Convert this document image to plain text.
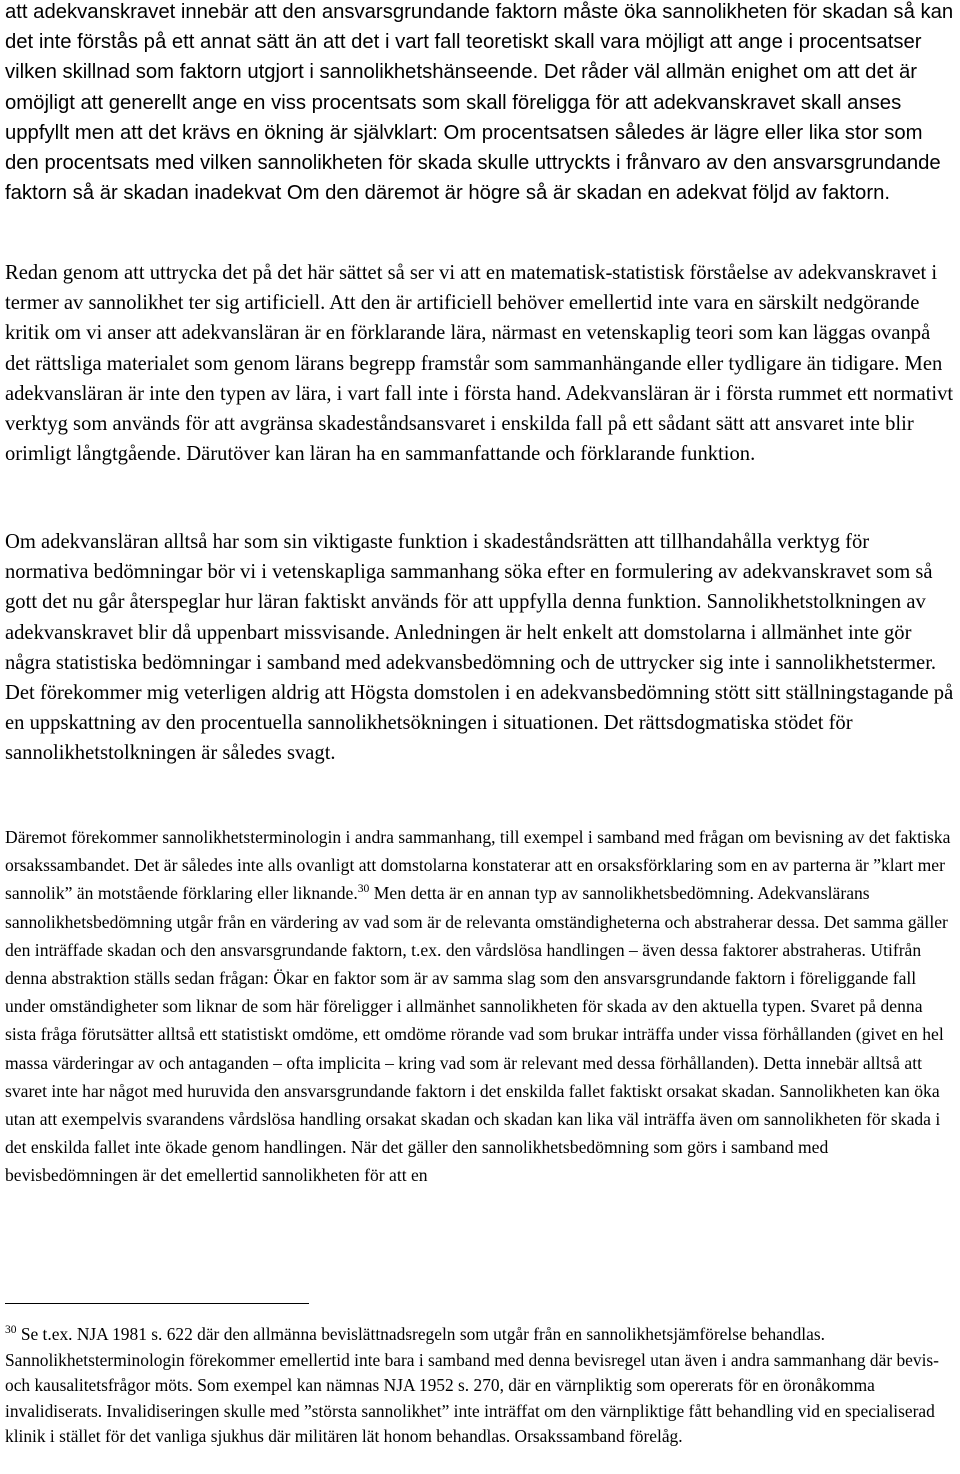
att adekvanskravet innebär att den ansvarsgrundande faktorn måste öka sannolikheten för skadan så kan det inte förstås på ett annat sätt än att det i vart fall teoretiskt skall vara möjligt att ange i procentsatser vilken skillnad som faktorn utgjort i sannolikhetshänseende. Det råder väl allmän enighet om att det är omöjligt att generellt ange en viss procentsats som skall föreligga för att adekvanskravet skall anses uppfyllt men att det krävs en ökning är självklart: Om procentsatsen således är lägre eller lika stor som den procentsats med vilken sannolikheten för skada skulle uttryckts i frånvaro av den ansvarsgrundande faktorn så är skadan inadekvat Om den däremot är högre så är skadan en adekvat följd av faktorn.

Redan genom att uttrycka det på det här sättet så ser vi att en matematisk-statistisk förståelse av adekvanskravet i termer av sannolikhet ter sig artificiell. Att den är artificiell behöver emellertid inte vara en särskilt nedgörande kritik om vi anser att adekvansläran är en förklarande lära, närmast en vetenskaplig teori som kan läggas ovanpå det rättsliga materialet som genom lärans begrepp framstår som sammanhängande eller tydligare än tidigare. Men adekvansläran är inte den typen av lära, i vart fall inte i första hand. Adekvansläran är i första rummet ett normativt verktyg som används för att avgränsa skadeståndsansvaret i enskilda fall på ett sådant sätt att ansvaret inte blir orimligt långtgående. Därutöver kan läran ha en sammanfattande och förklarande funktion.

Om adekvansläran alltså har som sin viktigaste funktion i skadeståndsrätten att tillhandahålla verktyg för normativa bedömningar bör vi i vetenskapliga sammanhang söka efter en formulering av adekvanskravet som så gott det nu går återspeglar hur läran faktiskt används för att uppfylla denna funktion. Sannolikhetstolkningen av adekvanskravet blir då uppenbart missvisande. Anledningen är helt enkelt att domstolarna i allmänhet inte gör några statistiska bedömningar i samband med adekvansbedömning och de uttrycker sig inte i sannolikhetstermer. Det förekommer mig veterligen aldrig att Högsta domstolen i en adekvansbedömning stött sitt ställningstagande på en uppskattning av den procentuella sannolikhetsökningen i situationen. Det rättsdogmatiska stödet för sannolikhetstolkningen är således svagt.

Däremot förekommer sannolikhetsterminologin i andra sammanhang, till exempel i samband med frågan om bevisning av det faktiska orsakssambandet. Det är således inte alls ovanligt att domstolarna konstaterar att en orsaksförklaring som en av parterna är ”klart mer sannolik” än motstående förklaring eller liknande.$^{30}$ Men detta är en annan typ av sannolikhetsbedömning. Adekvanslärans sannolikhetsbedömning utgår från en värdering av vad som är de relevanta omständigheterna och abstraherar dessa. Det samma gäller den inträffade skadan och den ansvarsgrundande faktorn, t.ex. den vårdslösa handlingen – även dessa faktorer abstraheras. Utifrån denna abstraktion ställs sedan frågan: Ökar en faktor som är av samma slag som den ansvarsgrundande faktorn i föreliggande fall under omständigheter som liknar de som här föreligger i allmänhet sannolikheten för skada av den aktuella typen. Svaret på denna sista fråga förutsätter alltså ett statistiskt omdöme, ett omdöme rörande vad som brukar inträffa under vissa förhållanden (givet en hel massa värderingar av och antaganden – ofta implicita – kring vad som är relevant med dessa förhållanden). Detta innebär alltså att svaret inte har något med huruvida den ansvarsgrundande faktorn i det enskilda fallet faktiskt orsakat skadan. Sannolikheten kan öka utan att exempelvis svarandens vårdslösa handling orsakat skadan och skadan kan lika väl inträffa även om sannolikheten för skada i det enskilda fallet inte ökade genom handlingen. När det gäller den sannolikhetsbedömning som görs i samband med bevisbedömningen är det emellertid sannolikheten för att en

$^{30}$ Se t.ex. NJA 1981 s. 622 där den allmänna bevislättnadsregeln som utgår från en sannolikhetsjämförelse behandlas. Sannolikhetsterminologin förekommer emellertid inte bara i samband med denna bevisregel utan även i andra sammanhang där bevis- och kausalitetsfrågor möts. Som exempel kan nämnas NJA 1952 s. 270, där en värnpliktig som opererats för en öronåkomma invalidiserats. Invalidiseringen skulle med ”största sannolikhet” inte inträffat om den värnpliktige fått behandling vid en specialiserad klinik i stället för det vanliga sjukhus där militären lät honom behandlas. Orsakssamband förelåg.
